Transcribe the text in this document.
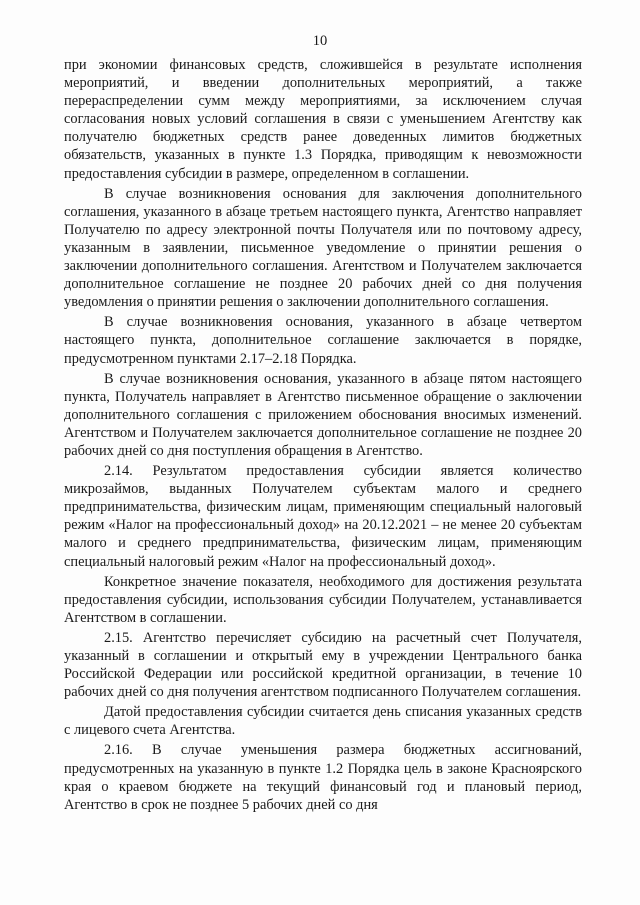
10

при экономии финансовых средств, сложившейся в результате исполнения мероприятий, и введении дополнительных мероприятий, а также перераспределении сумм между мероприятиями, за исключением случая согласования новых условий соглашения в связи с уменьшением Агентству как получателю бюджетных средств ранее доведенных лимитов бюджетных обязательств, указанных в пункте 1.3 Порядка, приводящим к невозможности предоставления субсидии в размере, определенном в соглашении.

В случае возникновения основания для заключения дополнительного соглашения, указанного в абзаце третьем настоящего пункта, Агентство направляет Получателю по адресу электронной почты Получателя или по почтовому адресу, указанным в заявлении, письменное уведомление о принятии решения о заключении дополнительного соглашения. Агентством и Получателем заключается дополнительное соглашение не позднее 20 рабочих дней со дня получения уведомления о принятии решения о заключении дополнительного соглашения.

В случае возникновения основания, указанного в абзаце четвертом настоящего пункта, дополнительное соглашение заключается в порядке, предусмотренном пунктами 2.17–2.18 Порядка.

В случае возникновения основания, указанного в абзаце пятом настоящего пункта, Получатель направляет в Агентство письменное обращение о заключении дополнительного соглашения с приложением обоснования вносимых изменений. Агентством и Получателем заключается дополнительное соглашение не позднее 20 рабочих дней со дня поступления обращения в Агентство.

2.14. Результатом предоставления субсидии является количество микрозаймов, выданных Получателем субъектам малого и среднего предпринимательства, физическим лицам, применяющим специальный налоговый режим «Налог на профессиональный доход» на 20.12.2021 – не менее 20 субъектам малого и среднего предпринимательства, физическим лицам, применяющим специальный налоговый режим «Налог на профессиональный доход».

Конкретное значение показателя, необходимого для достижения результата предоставления субсидии, использования субсидии Получателем, устанавливается Агентством в соглашении.

2.15. Агентство перечисляет субсидию на расчетный счет Получателя, указанный в соглашении и открытый ему в учреждении Центрального банка Российской Федерации или российской кредитной организации, в течение 10 рабочих дней со дня получения агентством подписанного Получателем соглашения.

Датой предоставления субсидии считается день списания указанных средств с лицевого счета Агентства.

2.16. В случае уменьшения размера бюджетных ассигнований, предусмотренных на указанную в пункте 1.2 Порядка цель в законе Красноярского края о краевом бюджете на текущий финансовый год и плановый период, Агентство в срок не позднее 5 рабочих дней со дня
